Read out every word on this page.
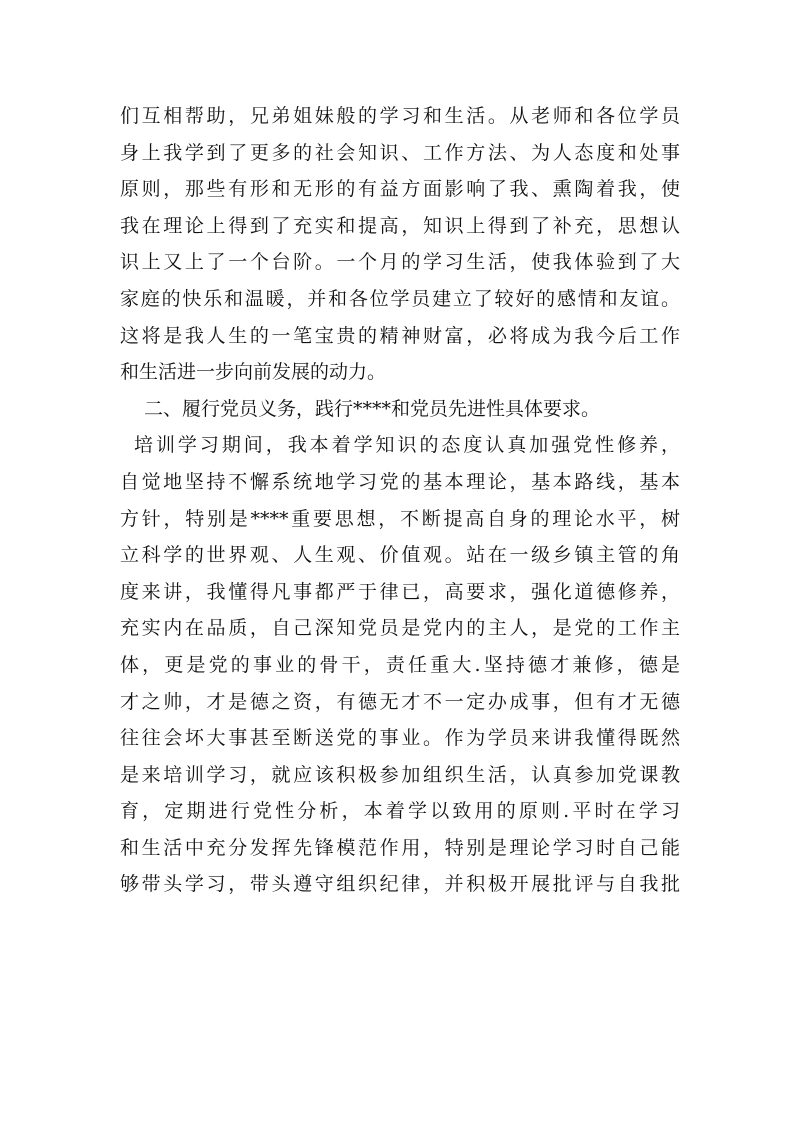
们互相帮助，兄弟姐妹般的学习和生活。从老师和各位学员
身上我学到了更多的社会知识、工作方法、为人态度和处事
原则，那些有形和无形的有益方面影响了我、熏陶着我，使
我在理论上得到了充实和提高，知识上得到了补充，思想认
识上又上了一个台阶。一个月的学习生活，使我体验到了大
家庭的快乐和温暖，并和各位学员建立了较好的感情和友谊。
这将是我人生的一笔宝贵的精神财富，必将成为我今后工作
和生活进一步向前发展的动力。
二、履行党员义务，践行****和党员先进性具体要求。
培训学习期间，我本着学知识的态度认真加强党性修养，
自觉地坚持不懈系统地学习党的基本理论，基本路线，基本
方针，特别是****重要思想，不断提高自身的理论水平，树
立科学的世界观、人生观、价值观。站在一级乡镇主管的角
度来讲，我懂得凡事都严于律已，高要求，强化道德修养，
充实内在品质，自己深知党员是党内的主人，是党的工作主
体，更是党的事业的骨干，责任重大.坚持德才兼修，德是
才之帅，才是德之资，有德无才不一定办成事，但有才无德
往往会坏大事甚至断送党的事业。作为学员来讲我懂得既然
是来培训学习，就应该积极参加组织生活，认真参加党课教
育，定期进行党性分析，本着学以致用的原则.平时在学习
和生活中充分发挥先锋模范作用，特别是理论学习时自己能
够带头学习，带头遵守组织纪律，并积极开展批评与自我批
